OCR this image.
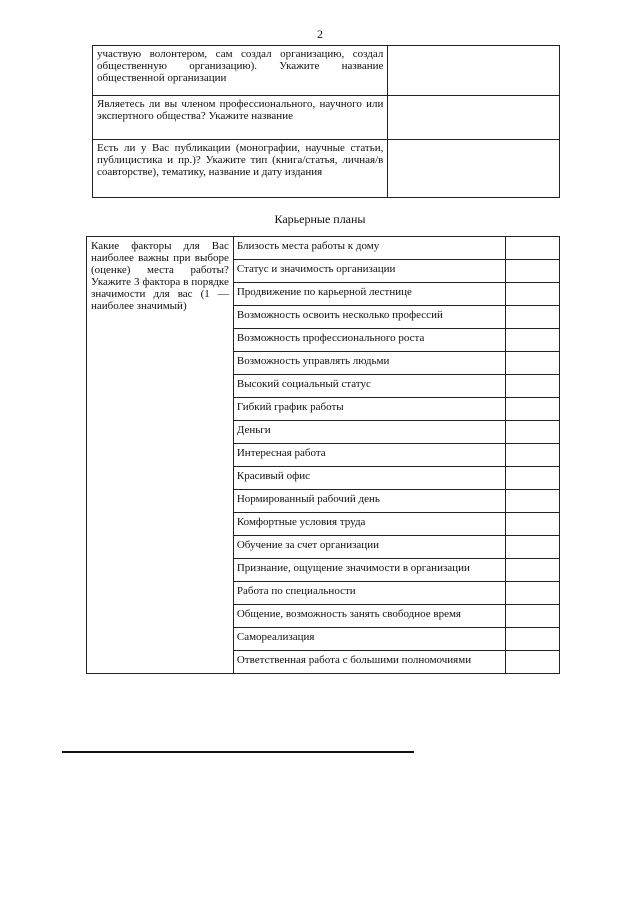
2
участвую волонтером, сам создал организацию, создал общественную организацию). Укажите название общественной организации	
Являетесь ли вы членом профессионального, научного или экспертного общества? Укажите название	
Есть ли у Вас публикации (монографии, научные статьи, публицистика и пр.)? Укажите тип (книга/статья, личная/в соавторстве), тематику, название и дату издания	
Карьерные планы
Какие факторы для Вас наиболее важны при выборе (оценке) места работы? Укажите 3 фактора в порядке значимости для вас (1 — наиболее значимый)	Близость места работы к дому	
	Статус и значимость организации	
	Продвижение по карьерной лестнице	
	Возможность освоить несколько профессий	
	Возможность профессионального роста	
	Возможность управлять людьми	
	Высокий социальный статус	
	Гибкий график работы	
	Деньги	
	Интересная работа	
	Красивый офис	
	Нормированный рабочий день	
	Комфортные условия труда	
	Обучение за счет организации	
	Признание, ощущение значимости в организации	
	Работа по специальности	
	Общение, возможность занять свободное время	
	Самореализация	
	Ответственная работа с большими полномочиями	
